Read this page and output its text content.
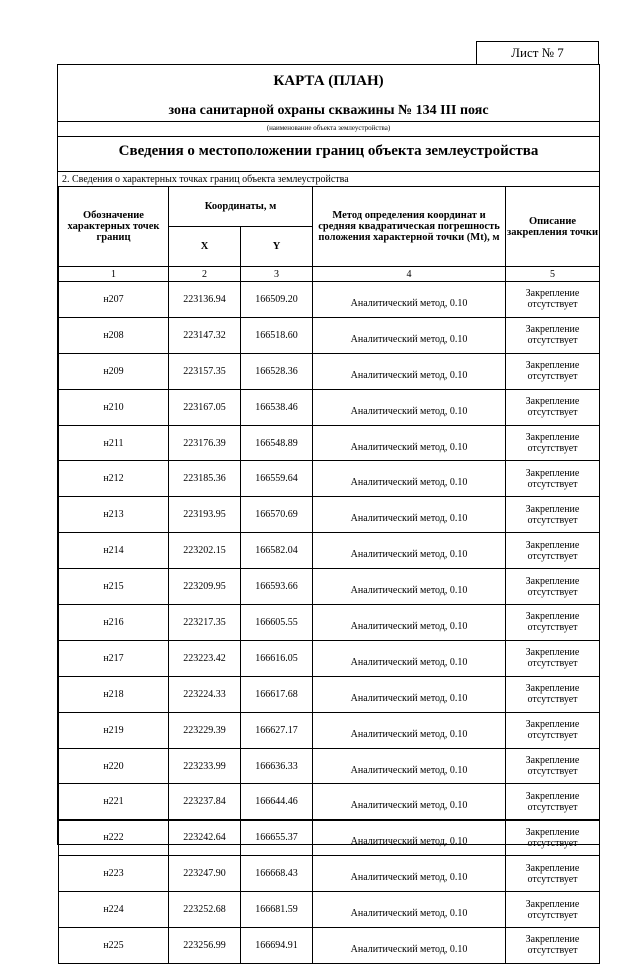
Лист № 7
КАРТА (ПЛАН)
зона санитарной охраны скважины № 134 III пояс
(наименование объекта землеустройства)
Сведения о местоположении границ объекта землеустройства
2. Сведения о характерных точках границ объекта землеустройства
Обозначение характерных точек границ	Координаты, м		Метод определения координат и средняя квадратическая погрешность положения характерной точки (Mt), м	Описание закрепления точки
	X	Y		
1	2	3	4	5
н207	223136.94	166509.20	Аналитический метод, 0.10	Закрепление отсутствует
н208	223147.32	166518.60	Аналитический метод, 0.10	Закрепление отсутствует
н209	223157.35	166528.36	Аналитический метод, 0.10	Закрепление отсутствует
н210	223167.05	166538.46	Аналитический метод, 0.10	Закрепление отсутствует
н211	223176.39	166548.89	Аналитический метод, 0.10	Закрепление отсутствует
н212	223185.36	166559.64	Аналитический метод, 0.10	Закрепление отсутствует
н213	223193.95	166570.69	Аналитический метод, 0.10	Закрепление отсутствует
н214	223202.15	166582.04	Аналитический метод, 0.10	Закрепление отсутствует
н215	223209.95	166593.66	Аналитический метод, 0.10	Закрепление отсутствует
н216	223217.35	166605.55	Аналитический метод, 0.10	Закрепление отсутствует
н217	223223.42	166616.05	Аналитический метод, 0.10	Закрепление отсутствует
н218	223224.33	166617.68	Аналитический метод, 0.10	Закрепление отсутствует
н219	223229.39	166627.17	Аналитический метод, 0.10	Закрепление отсутствует
н220	223233.99	166636.33	Аналитический метод, 0.10	Закрепление отсутствует
н221	223237.84	166644.46	Аналитический метод, 0.10	Закрепление отсутствует
н222	223242.64	166655.37	Аналитический метод, 0.10	Закрепление отсутствует
н223	223247.90	166668.43	Аналитический метод, 0.10	Закрепление отсутствует
н224	223252.68	166681.59	Аналитический метод, 0.10	Закрепление отсутствует
н225	223256.99	166694.91	Аналитический метод, 0.10	Закрепление отсутствует
